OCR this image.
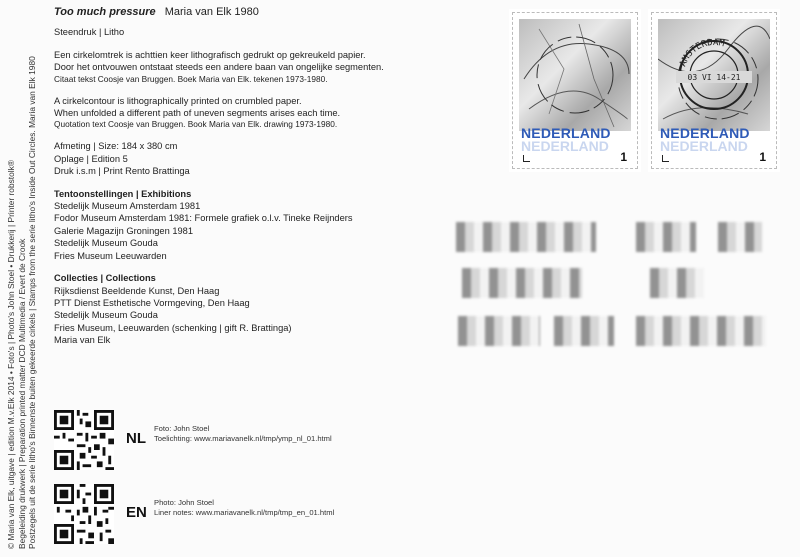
© Maria van Elk, uitgave | edition M.v.Elk 2014 • Foto's | Photo's John Stoel • Drukkerij | Printer robstolk® Begeleiding drukwerk | Preparation printed matter DCD Multimedia / Evert de Crook Postzegels uit de serie litho's Binnenste buiten gekeerde cirkels | Stamps from the serie litho's Inside Out Circles. Maria van Elk 1980
Too much pressure Maria van Elk 1980
Steendruk | Litho
Een cirkelomtrek is achttien keer lithografisch gedrukt op gekreukeld papier.
Door het ontvouwen ontstaat steeds een andere baan van ongelijke segmenten.
Citaat tekst Coosje van Bruggen. Boek Maria van Elk. tekenen 1973-1980.
A cirkelcontour is lithographically printed on crumbled paper.
When unfolded a different path of uneven segments arises each time.
Quotation text Coosje van Bruggen. Book Maria van Elk. drawing 1973-1980.
Afmeting | Size: 184 x 380 cm
Oplage | Edition 5
Druk i.s.m | Print Rento Brattinga
Tentoonstellingen | Exhibitions
Stedelijk Museum Amsterdam 1981
Fodor Museum Amsterdam 1981: Formele grafiek o.l.v. Tineke Reijnders
Galerie Magazijn Groningen 1981
Stedelijk Museum Gouda
Fries Museum Leeuwarden
Collecties | Collections
Rijksdienst Beeldende Kunst, Den Haag
PTT Dienst Esthetische Vormgeving, Den Haag
Stedelijk Museum Gouda
Fries Museum, Leeuwarden (schenking | gift R. Brattinga)
Maria van Elk
NL
Foto: John Stoel
Toelichting: www.mariavanelk.nl/tmp/ymp_nl_01.html
EN
Photo: John Stoel
Liner notes: www.mariavanelk.nl/tmp/tmp_en_01.html
NEDERLAND
NEDERLAND
1
AMSTERDAM
03 VI 14-21
NEDERLAND
NEDERLAND
1
